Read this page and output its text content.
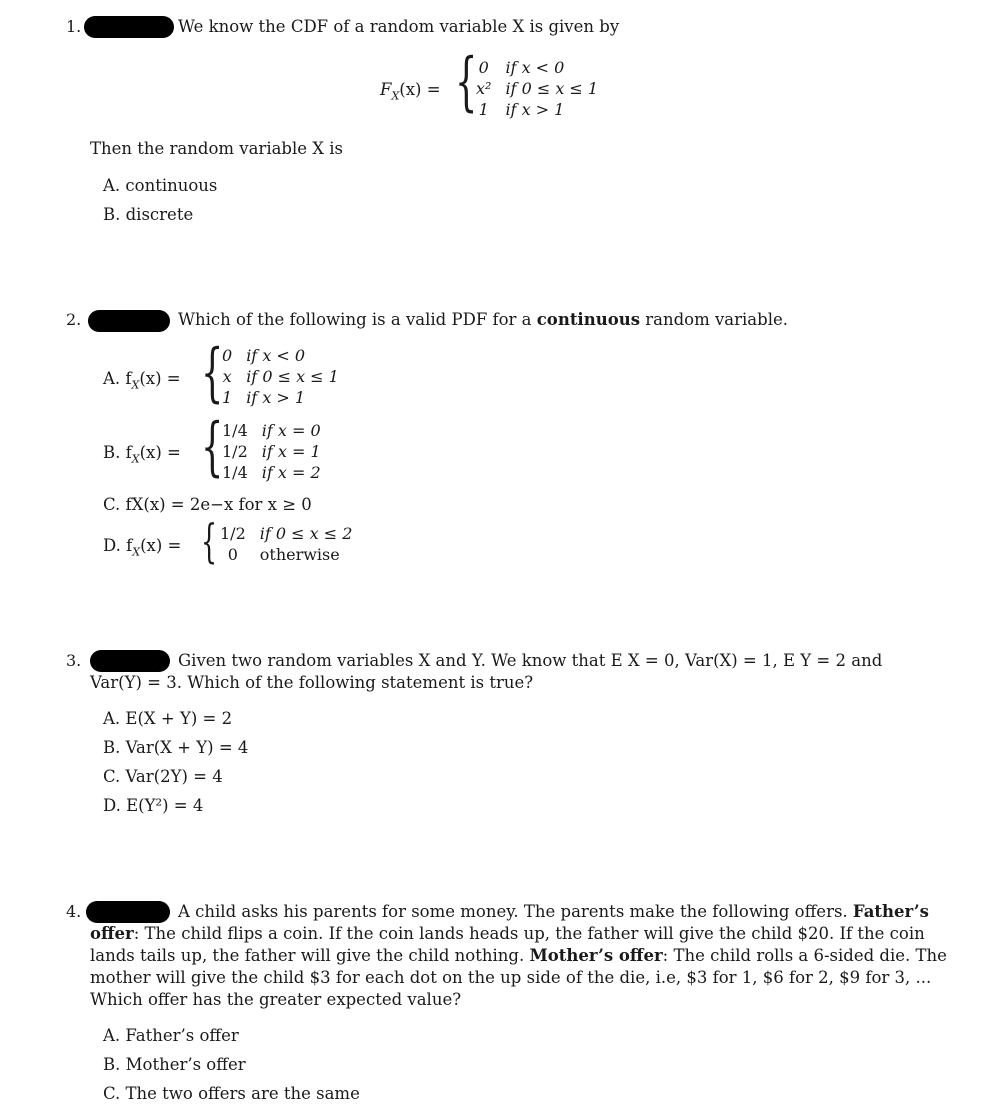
1.	We know the CDF of a random variable X is given by
$F_X(x)$ = { 0	if x < 0
x²	if 0 ≤ x ≤ 1
1	if x > 1
Then the random variable X is
A. continuous
B. discrete
2.	Which of the following is a valid PDF for a continuous random variable.
A. $f_X(x)$ = {
0	if x < 0
x	if 0 ≤ x ≤ 1
1	if x > 1
B. $f_X(x)$ = {
1/4	if x = 0
1/2	if x = 1
1/4	if x = 2
C. fX(x) = 2e−x for x ≥ 0
D. $f_X(x)$ = { 1/2	if 0 ≤ x ≤ 2
0	otherwise
3.	Given two random variables X and Y. We know that E X = 0, Var(X) = 1, E Y = 2 and
Var(Y) = 3. Which of the following statement is true?
A. E(X + Y) = 2
B. Var(X + Y) = 4
C. Var(2Y) = 4
D. E(Y²) = 4
4.	A child asks his parents for some money. The parents make the following offers. Father’s
offer: The child flips a coin. If the coin lands heads up, the father will give the child $20. If the coin
lands tails up, the father will give the child nothing. Mother’s offer: The child rolls a 6-sided die. The
mother will give the child $3 for each dot on the up side of the die, i.e, $3 for 1, $6 for 2, $9 for 3, ...
Which offer has the greater expected value?
A. Father’s offer
B. Mother’s offer
C. The two offers are the same
